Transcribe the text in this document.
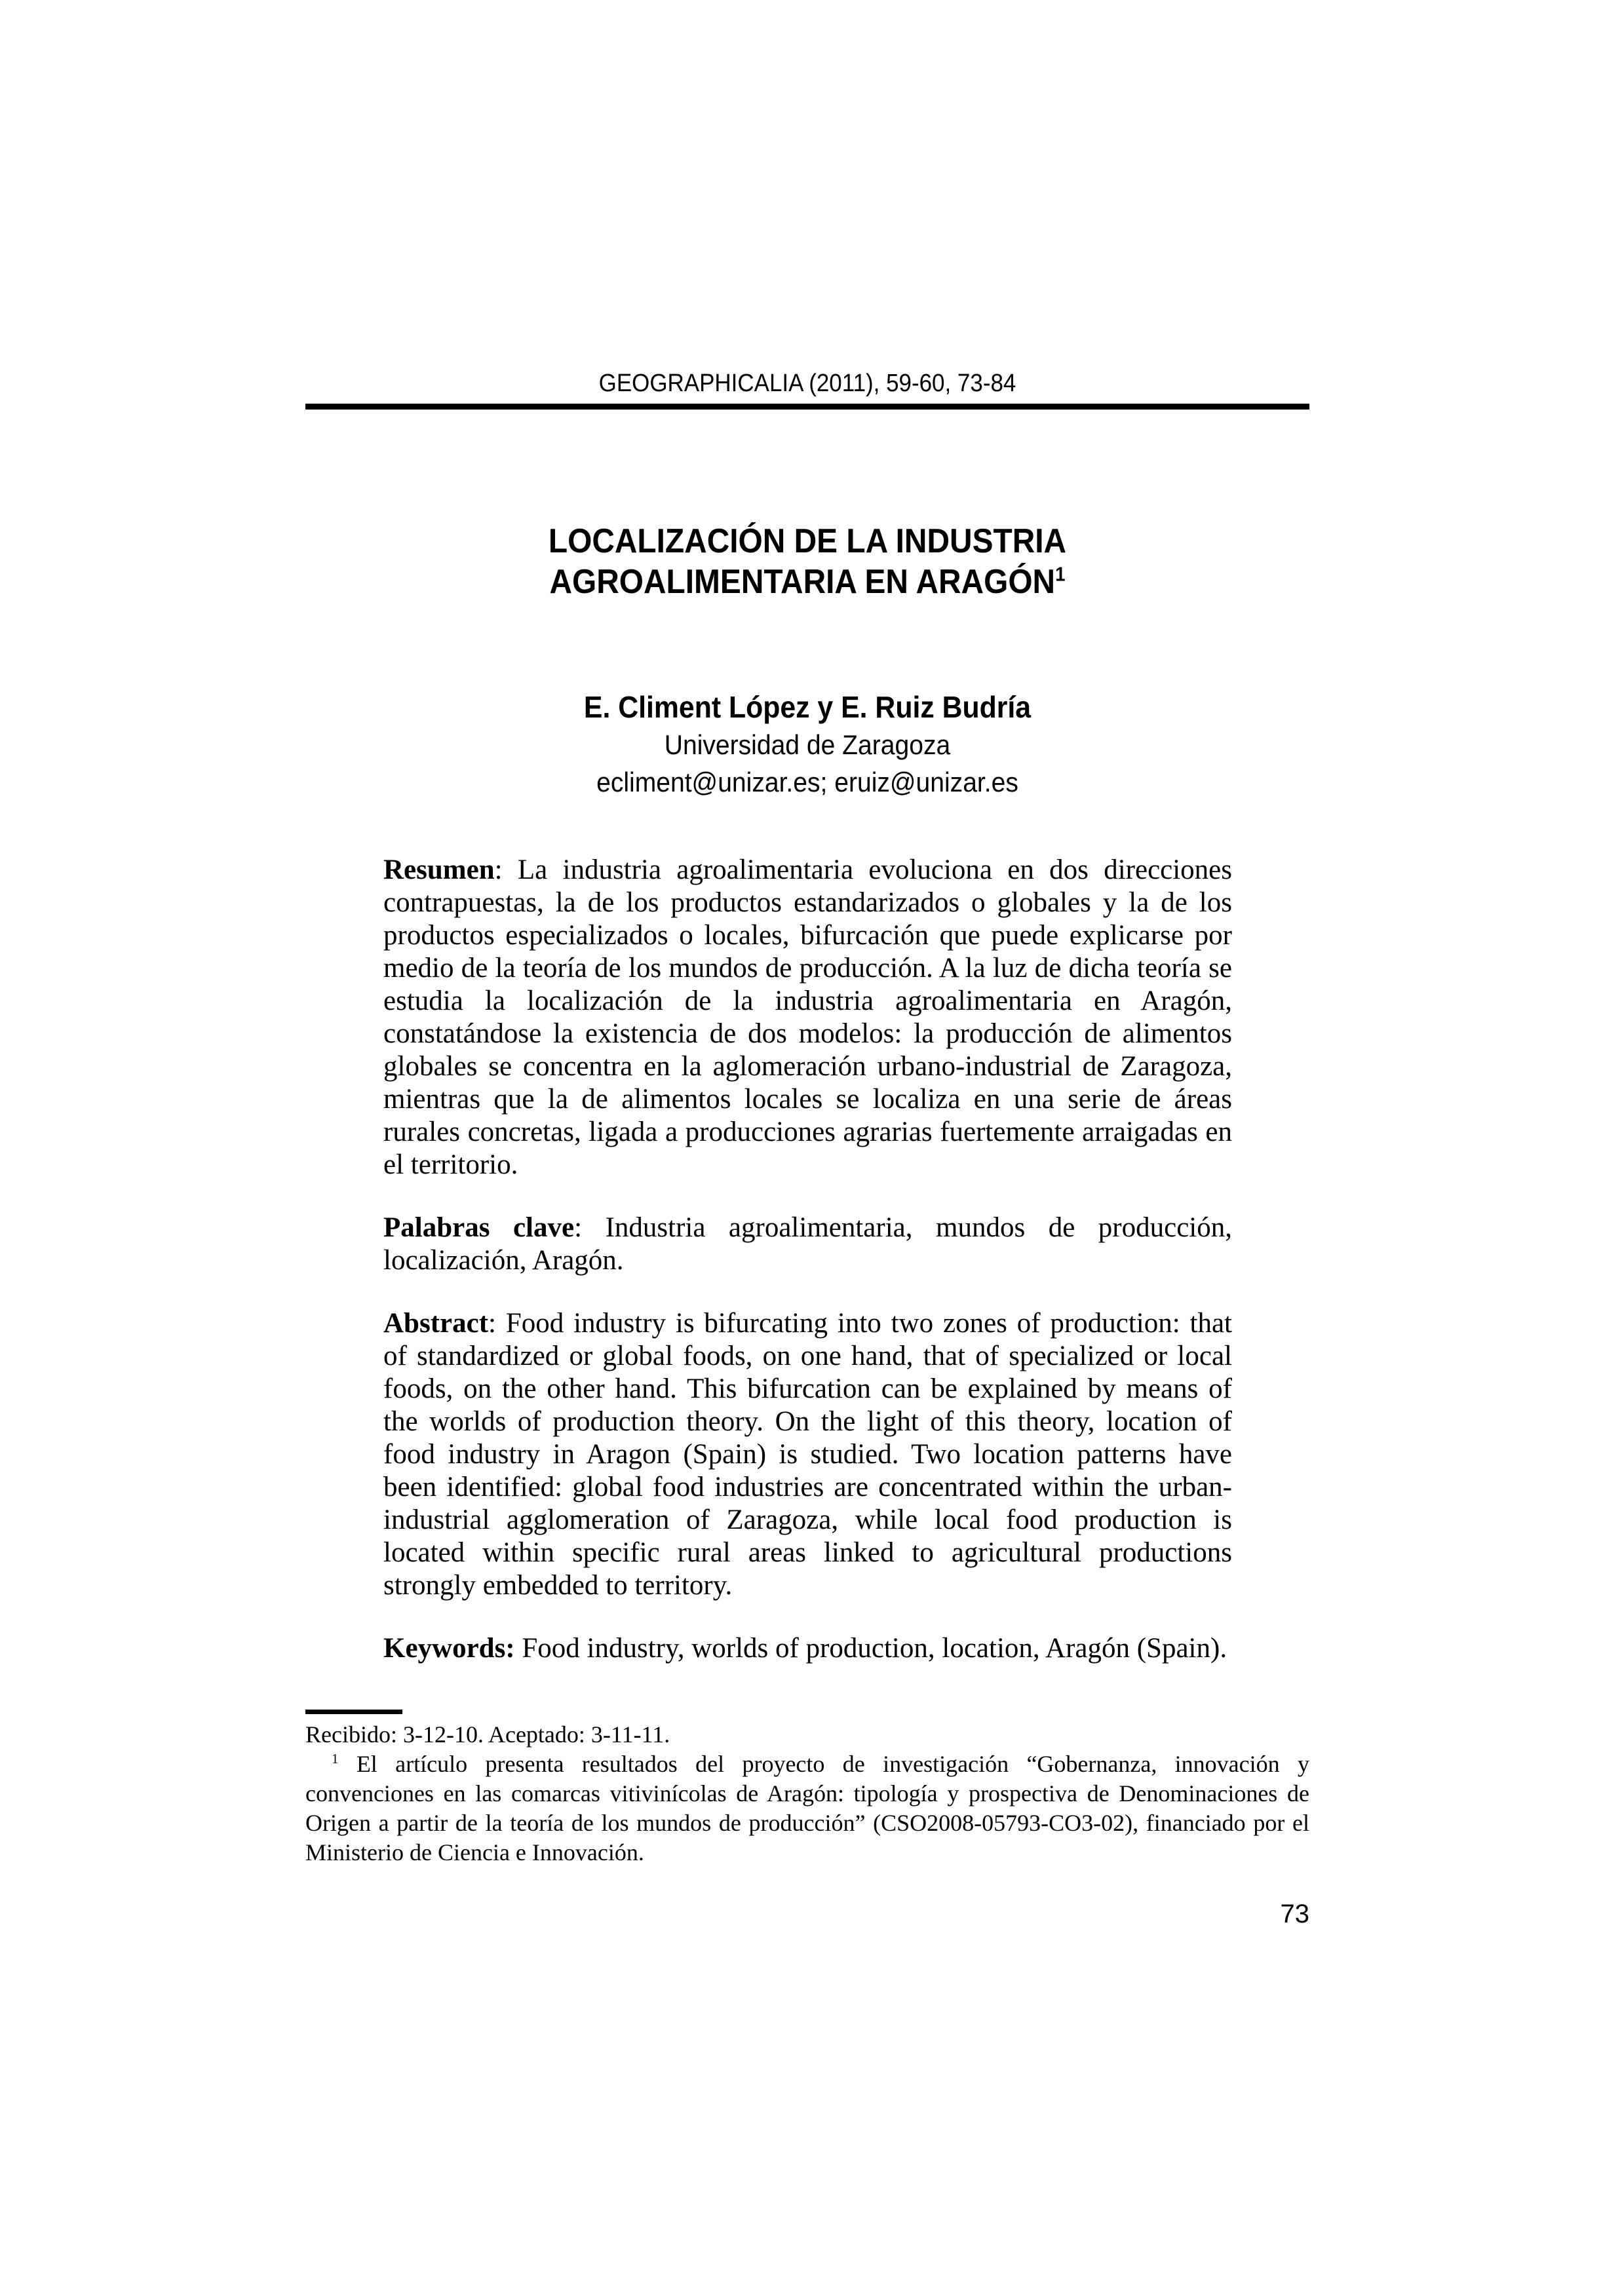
GEOGRAPHICALIA (2011), 59-60, 73-84
LOCALIZACIÓN DE LA INDUSTRIA
AGROALIMENTARIA EN ARAGÓN$^1$
E. Climent López y E. Ruiz Budría
Universidad de Zaragoza
ecliment@unizar.es; eruiz@unizar.es

Resumen: La industria agroalimentaria evoluciona en dos direcciones contrapuestas, la de los productos estandarizados o globales y la de los productos especializados o locales, bifurcación que puede explicarse por medio de la teoría de los mundos de producción. A la luz de dicha teoría se estudia la localización de la industria agroalimentaria en Aragón, constatándose la existencia de dos modelos: la producción de alimentos globales se concentra en la aglomeración urbano-industrial de Zaragoza, mientras que la de alimentos locales se localiza en una serie de áreas rurales concretas, ligada a producciones agrarias fuertemente arraigadas en el territorio.

Palabras clave: Industria agroalimentaria, mundos de producción, localización, Aragón.

Abstract: Food industry is bifurcating into two zones of production: that of standardized or global foods, on one hand, that of specialized or local foods, on the other hand. This bifurcation can be explained by means of the worlds of production theory. On the light of this theory, location of food industry in Aragon (Spain) is studied. Two location patterns have been identified: global food industries are concentrated within the urban-industrial agglomeration of Zaragoza, while local food production is located within specific rural areas linked to agricultural productions strongly embedded to territory.

Keywords: Food industry, worlds of production, location, Aragón (Spain).

Recibido: 3-12-10. Aceptado: 3-11-11.

$^1$ El artículo presenta resultados del proyecto de investigación “Gobernanza, innovación y convenciones en las comarcas vitivinícolas de Aragón: tipología y prospectiva de Denominaciones de Origen a partir de la teoría de los mundos de producción” (CSO2008-05793-CO3-02), financiado por el Ministerio de Ciencia e Innovación.

73
